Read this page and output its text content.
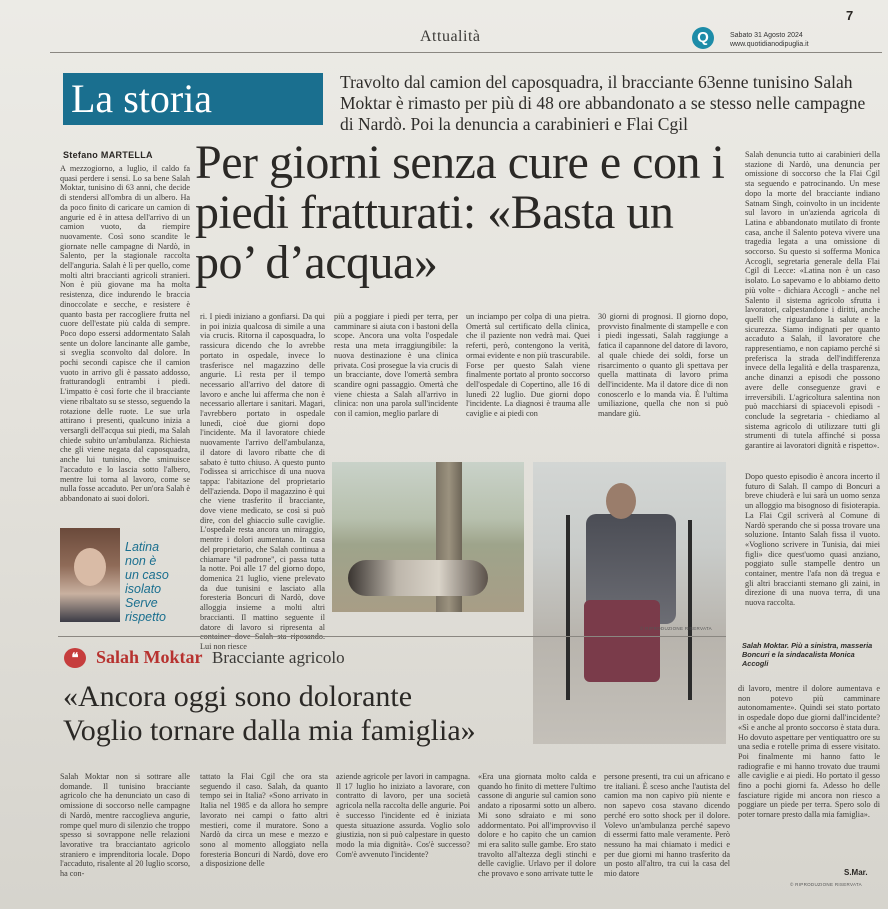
7
Attualità	Q	Sabato 31 Agosto 2024
www.quotidianodipuglia.it
La storia	Travolto dal camion del caposquadra, il bracciante 63enne tunisino Salah Moktar è rimasto per più di 48 ore abbandonato a se stesso nelle campagne di Nardò. Poi la denuncia a carabinieri e Flai Cgil
Stefano MARTELLA Per giorni senza cure e con i piedi fratturati: «Basta un po’ d’acqua»
A mezzogiorno, a luglio, il caldo fa quasi perdere i sensi. Lo sa bene Salah Moktar, tunisino di 63 anni, che decide di stendersi all'ombra di un albero. Ha da poco finito di caricare un camion di angurie ed è in attesa dell'arrivo di un camion vuoto, da riempire nuovamente. Così sono scandite le giornate nelle campagne di Nardò, in Salento, per la stagionale raccolta dell'anguria. Salah è lì per quello, come molti altri braccianti agricoli stranieri. Non è più giovane ma ha molta resistenza, dice indurendo le braccia dinoccolate e secche, e resistere è quanto basta per raccogliere frutta nel cuore dell'estate più calda di sempre. Poco dopo essersi addormentato Salah sente un dolore lancinante alle gambe, si sveglia sconvolto dal dolore. In pochi secondi capisce che il camion vuoto in arrivo gli è passato addosso, fratturandogli entrambi i piedi. L'impatto è così forte che il bracciante viene ribaltato su se stesso, seguendo la rotazione delle ruote. Le sue urla attirano i presenti, qualcuno inizia a versargli dell'acqua sui piedi, ma Salah chiede subito un'ambulanza. Richiesta che gli viene negata dal caposquadra, anche lui tunisino, che sminuisce l'accaduto e lo lascia sotto l'albero, mentre lui torna al lavoro, come se nulla fosse accaduto. Per un'ora Salah è abbandonato ai suoi dolori.
ri. I piedi iniziano a gonfiarsi. Da qui in poi inizia qualcosa di simile a una via crucis. Ritorna il caposquadra, lo rassicura dicendo che lo avrebbe portato in ospedale, invece lo trasferisce nel magazzino delle angurie. Lì resta per il tempo necessario all'arrivo del datore di lavoro e anche lui afferma che non è necessario allertare i sanitari. Magari, l'avrebbero portato in ospedale lunedì, cioè due giorni dopo l'incidente. Ma il lavoratore chiede nuovamente l'arrivo dell'ambulanza, il datore di lavoro ribatte che di sabato è tutto chiuso. A questo punto l'odissea si arricchisce di una nuova tappa: l'abitazione del proprietario dell'azienda. Dopo il magazzino è qui che viene trasferito il bracciante, dove viene medicato, se così si può dire, con del ghiaccio sulle caviglie. L'ospedale resta ancora un miraggio, mentre i dolori aumentano. In casa del proprietario, che Salah continua a chiamare "il padrone", ci passa tutta la notte. Poi alle 17 del giorno dopo, domenica 21 luglio, viene prelevato da due tunisini e lasciato alla foresteria Boncuri di Nardò, dove alloggia insieme a molti altri braccianti. Il mattino seguente il datore di lavoro si ripresenta al Lui non riesce
più a poggiare i piedi per terra, per camminare si aiuta con i bastoni della scope. Ancora una volta l'ospedale resta una meta irraggiungibile: la nuova destinazione è una clinica privata. Così prosegue la via crucis di un bracciante, dove l'omertà sembra scandire ogni passaggio. Omertà che viene chiesta a Salah all'arrivo in clinica: non una parola sull'incidente con il camion, meglio parlare di
un inciampo per colpa di una pietra. Omertà sul certificato della clinica, che il paziente non vedrà mai. Quei referti, però, contengono la verità, ormai evidente e non più trascurabile. Forse per questo Salah viene finalmente portato al pronto soccorso dell'ospedale di Copertino, alle 16 di lunedì 22 luglio. Due giorni dopo l'incidente. La diagnosi è trauma alle caviglie e ai piedi con
30 giorni di prognosi. Il giorno dopo, provvisto finalmente di stampelle e con i piedi ingessati, Salah raggiunge a fatica il capannone del datore di lavoro, al quale chiede dei soldi, forse un risarcimento o quanto gli spettava per quella mattinata di lavoro prima dell'incidente. Ma il datore dice di non conoscerlo e lo manda via. È l'ultima umiliazione, quella che non si può mandare giù.
Salah denuncia tutto ai carabinieri della stazione di Nardò, una denuncia per omissione di soccorso che la Flai Cgil sta seguendo e patrocinando. Un mese dopo la morte del bracciante indiano Satnam Singh, coinvolto in un incidente sul lavoro in un'azienda agricola di Latina e abbandonato mutilato di fronte casa, anche il Salento poteva vivere una tragedia legata a una omissione di soccorso. Su questo si sofferma Monica Accogli, segretaria generale della Flai Cgil di Lecce: «Latina non è un caso isolato. Lo sapevamo e lo abbiamo detto più volte - dichiara Accogli - anche nel Salento il sistema agricolo sfrutta i lavoratori, calpestandone i diritti, anche quelli che riguardano la salute e la sicurezza. Siamo indignati per quanto accaduto a Salah, il lavoratore che rappresentiamo, e non capiamo perché si preferisca la strada dell'indifferenza invece della legalità e della trasparenza, anche dinanzi a episodi che possono avere delle conseguenze gravi e irreversibili. L'agricoltura salentina non può macchiarsi di spiacevoli episodi - conclude la segretaria - chiediamo al sistema agricolo di utilizzare tutti gli strumenti di tutela affinché si possa garantire ai lavoratori dignità e rispetto».
Dopo questo episodio è ancora incerto il futuro di Salah. Il campo di Boncuri a breve chiuderà e lui sarà un uomo senza un alloggio ma bisognoso di fisioterapia. La Flai Cgil scriverà al Comune di Nardò sperando che si possa trovare una soluzione. Intanto Salah fissa il vuoto. «Vogliono scrivere in Tunisia, dai miei figli» dice quest'uomo quasi anziano, poggiato sulle stampelle dentro un container, mentre l'afa non dà tregua e gli altri braccianti stemano gli zaini, in direzione di una nuova terra, di una nuova raccolta.
Latina
non è
un caso
isolato
Serve
rispetto
© RIPRODUZIONE RISERVATA
Salah Moktar. Più a sinistra, masseria Boncuri e la sindacalista Monica Accogli
❝ Salah Moktar Bracciante agricolo
«Ancora oggi sono dolorante
Voglio tornare dalla mia famiglia»
Salah Moktar non si sottrare alle domande. Il tunisino bracciante agricolo che ha denunciato un caso di omissione di soccorso nelle campagne di Nardò, mentre raccoglieva angurie, rompe quel muro di silenzio che troppo spesso si sovrappone nelle relazioni lavorative tra bracciantato agricolo straniero e imprenditoria locale. Dopo l'accaduto, risalente al 20 luglio scorso, ha con-
tattato la Flai Cgil che ora sta seguendo il caso. Salah, da quanto tempo sei in Italia? «Sono arrivato in Italia nel 1985 e da allora ho sempre lavorato nei campi o fatto altri mestieri, come il muratore. Sono a Nardò da circa un mese e mezzo e sono al momento alloggiato nella foresteria Boncuri di Nardò, dove ero a disposizione delle
aziende agricole per lavori in campagna. Il 17 luglio ho iniziato a lavorare, con contratto di lavoro, per una società agricola nella raccolta delle angurie. Poi è successo l'incidente ed è iniziata questa situazione assurda. Voglio solo giustizia, non si può calpestare in questo modo la mia dignità». Cos'è successo? Com'è avvenuto l'incidente?
«Era una giornata molto calda e quando ho finito di mettere l'ultimo cassone di angurie sul camion sono andato a riposarmi sotto un albero. Mi sono sdraiato e mi sono addormentato. Poi all'improvviso il dolore e ho capito che un camion mi era salito sulle gambe. Ero stato travolto all'altezza degli stinchi e delle caviglie. Urlavo per il dolore che provavo e sono arrivate tutte le
persone presenti, tra cui un africano e tre italiani. È sceso anche l'autista del camion ma non capivo più niente e non sapevo cosa stavano dicendo perché ero sotto shock per il dolore. Volevo un'ambulanza perché sapevo di essermi fatto male veramente. Però nessuno ha mai chiamato i medici e per due giorni mi hanno trasferito da un posto all'altro, tra cui la casa del mio datore
di lavoro, mentre il dolore aumentava e non potevo più camminare autonomamente». Quindi sei stato portato in ospedale dopo due giorni dall'incidente? «Sì e anche al pronto soccorso è stata dura. Ho dovuto aspettare per ventiquattro ore su una sedia e rotelle prima di essere visitato. Poi finalmente mi hanno fatto le radiografie e mi hanno trovato due traumi alle caviglie e ai piedi. Ho portato il gesso fino a pochi giorni fa. Adesso ho delle fasciature rigide mi ancora non riesco a poggiare un piede per terra. Spero solo di poter tornare presto dalla mia famiglia».
S.Mar.
© RIPRODUZIONE RISERVATA
